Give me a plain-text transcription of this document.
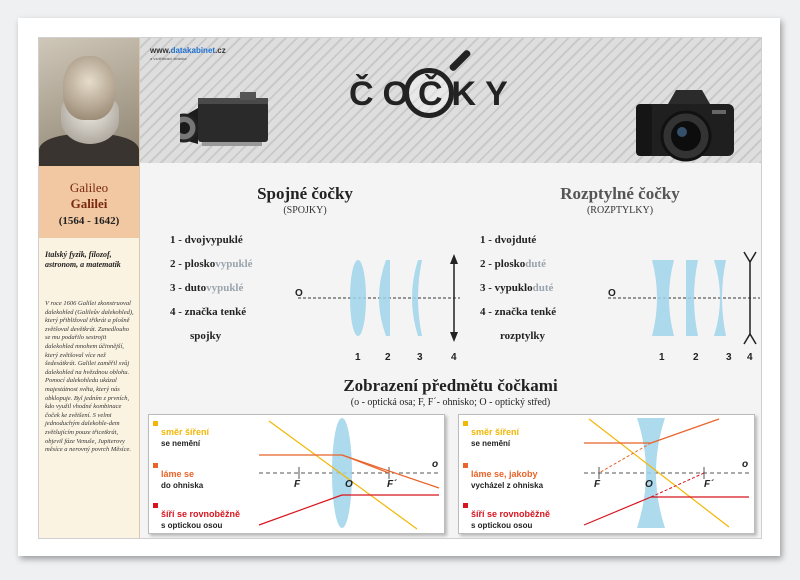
Galileo
Galilei
(1564 - 1642)
Italský fyzik, filozof, astronom, a matematik
V roce 1606 Galilei zkonstruoval dalekohled (Galileův dalekohled), který přibližoval třikrát a plošně zvětšoval devětkrát. Zanedlouho se mu podařilo sestrojit dalekohled mnohem účinnější, který zvětšoval více než šedesátkrát. Galilei zaměřil svůj dalekohled na hvězdnou oblohu. Pomocí dalekohledu ukázal majestátnost světa, který nás obklopuje. Byl jedním z prvních, kdo využil vhodné kombinace čoček ke zvětšení. S velmi jednoduchým dalekohle-dem zvětšujícím pouze třicetkrát, objevil fáze Venuše, Jupiterovy měsíce a nerovný povrch Měsíce.
www.datakabinet.cz
a vzdělávací stránka
ČOČKY
Spojné čočky
(SPOJKY)
1 - dvojvypuklé
2 - ploskovypuklé
3 - dutovypuklé
4 - značka tenké
spojky
O
1 2	3	4
Rozptylné čočky
(ROZPTYLKY)
1 - dvojduté
2 - ploskoduté
3 - vypukloduté
4 - značka tenké
rozptylky
O
1	2	3 4
Zobrazení předmětu čočkami
(o - optická osa; F, F´- ohnisko; O - optický střed)
směr šíření
se nemění
láme se
do ohniska
šíří se rovnoběžně
s optickou osou
F	O	F´
o
směr šíření
se nemění
láme se, jakoby
vycházel z ohniska
šíří se rovnoběžně
s optickou osou
F	O	F´
o
